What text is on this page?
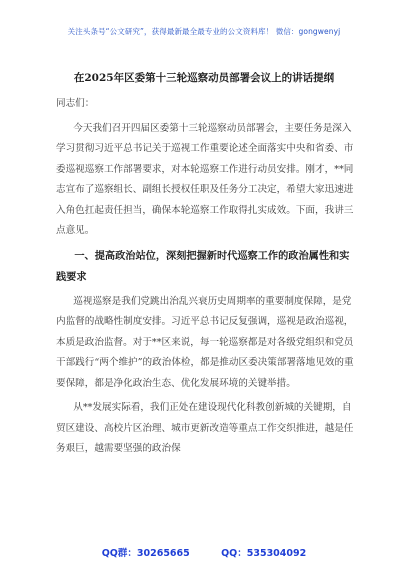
关注头条号“公文研究”，获得最新最全最专业的公文资料库！ 微信：gongwenyj
在2025年区委第十三轮巡察动员部署会议上的讲话提纲

同志们：

今天我们召开四届区委第十三轮巡察动员部署会，主要任务是深入学习贯彻习近平总书记关于巡视工作重要论述全面落实中央和省委、市委巡视巡察工作部署要求，对本轮巡察工作进行动员安排。刚才，**同志宣布了巡察组长、副组长授权任职及任务分工决定，希望大家迅速进入角色扛起责任担当，确保本轮巡察工作取得扎实成效。下面，我讲三点意见。

一、提高政治站位，深刻把握新时代巡察工作的政治属性和实践要求

巡视巡察是我们党跳出治乱兴衰历史周期率的重要制度保障，是党内监督的战略性制度安排。习近平总书记反复强调，巡视是政治巡视，本质是政治监督。对于**区来说，每一轮巡察都是对各级党组织和党员干部践行“两个维护”的政治体检，都是推动区委决策部署落地见效的重要保障，都是净化政治生态、优化发展环境的关键举措。

从**发展实际看，我们正处在建设现代化科教创新城的关键期，自贸区建设、高校片区治理、城市更新改造等重点工作交织推进，越是任务艰巨，越需要坚强的政治保

QQ群：30265665	QQ：535304092
